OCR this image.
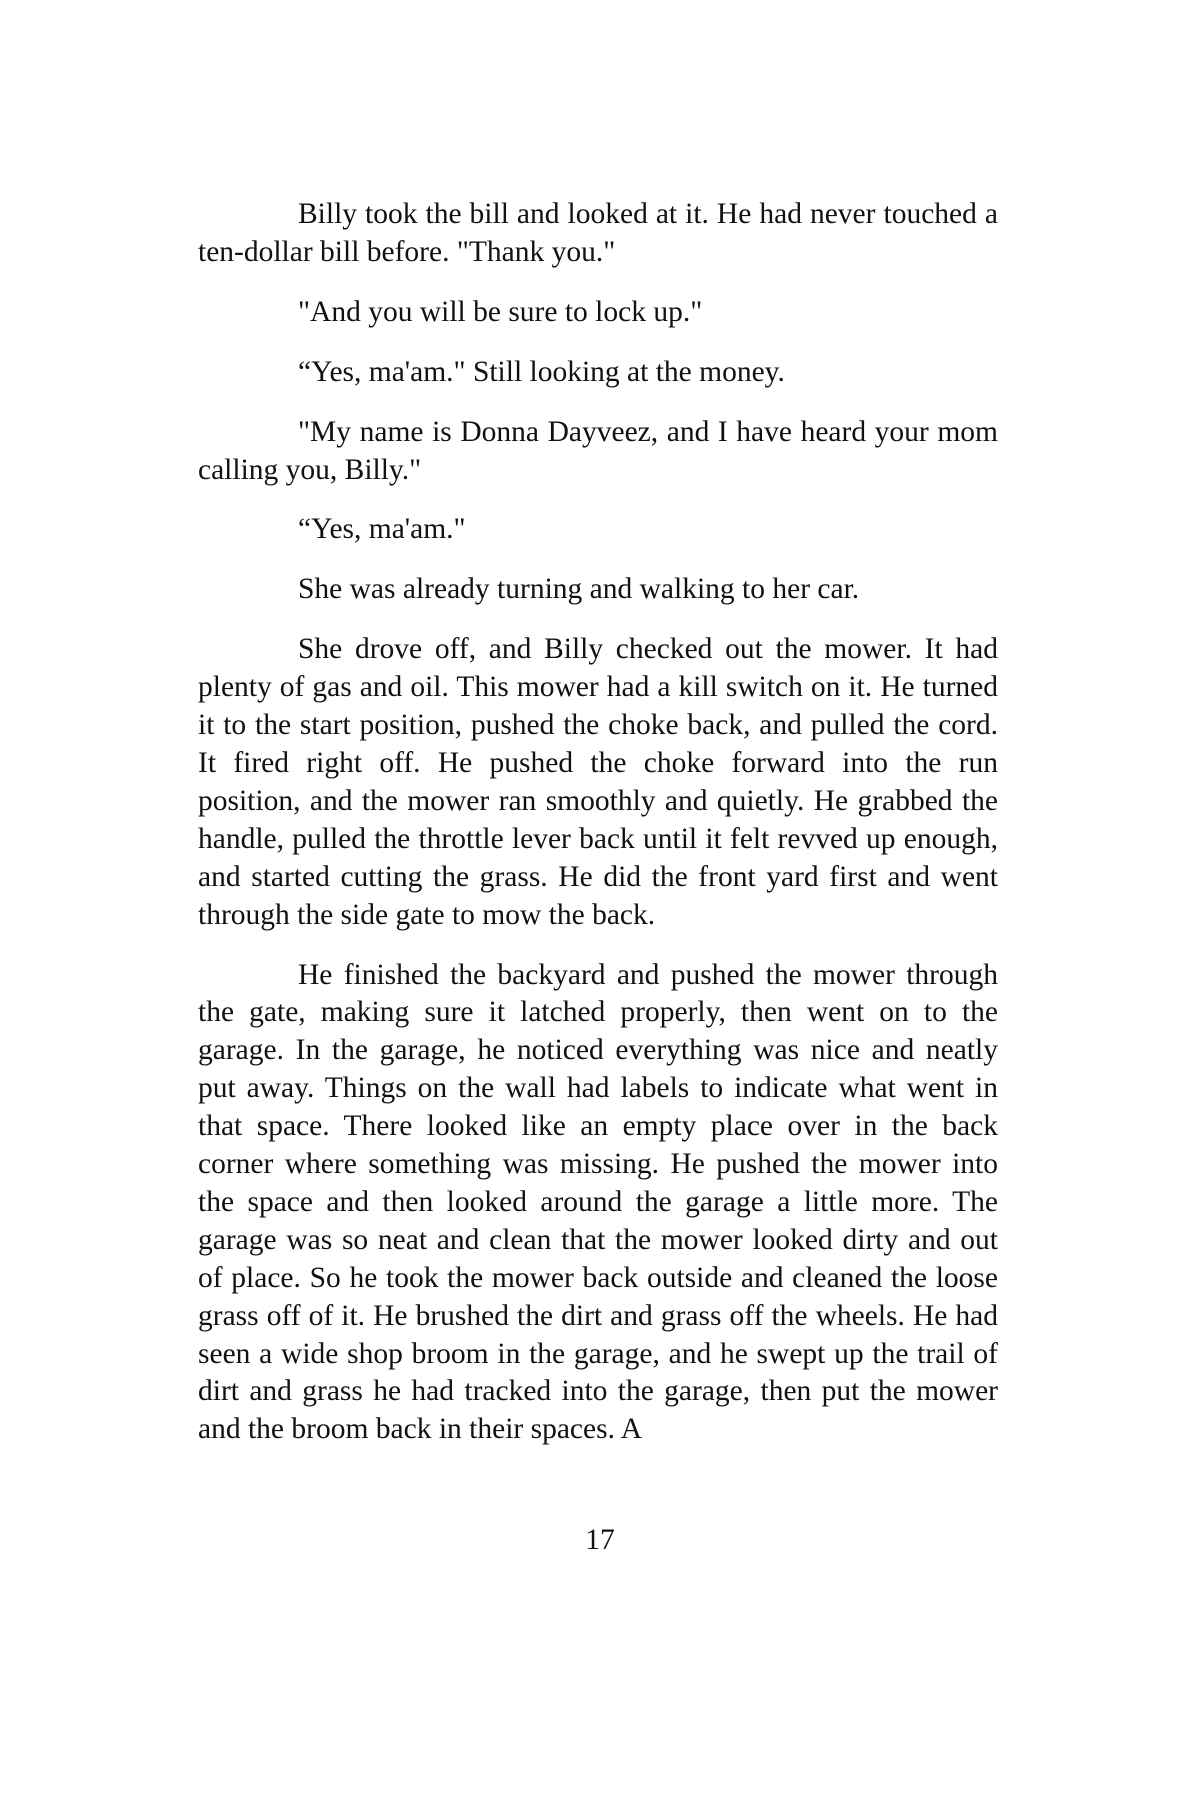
Billy took the bill and looked at it. He had never touched a ten-dollar bill before. "Thank you."

"And you will be sure to lock up."

“Yes, ma'am." Still looking at the money.

"My name is Donna Dayveez, and I have heard your mom calling you, Billy."

“Yes, ma'am."

She was already turning and walking to her car.

She drove off, and Billy checked out the mower. It had plenty of gas and oil. This mower had a kill switch on it. He turned it to the start position, pushed the choke back, and pulled the cord. It fired right off. He pushed the choke forward into the run position, and the mower ran smoothly and quietly. He grabbed the handle, pulled the throttle lever back until it felt revved up enough, and started cutting the grass. He did the front yard first and went through the side gate to mow the back.

He finished the backyard and pushed the mower through the gate, making sure it latched properly, then went on to the garage. In the garage, he noticed everything was nice and neatly put away. Things on the wall had labels to indicate what went in that space. There looked like an empty place over in the back corner where something was missing. He pushed the mower into the space and then looked around the garage a little more. The garage was so neat and clean that the mower looked dirty and out of place. So he took the mower back outside and cleaned the loose grass off of it. He brushed the dirt and grass off the wheels. He had seen a wide shop broom in the garage, and he swept up the trail of dirt and grass he had tracked into the garage, then put the mower and the broom back in their spaces. A

17
